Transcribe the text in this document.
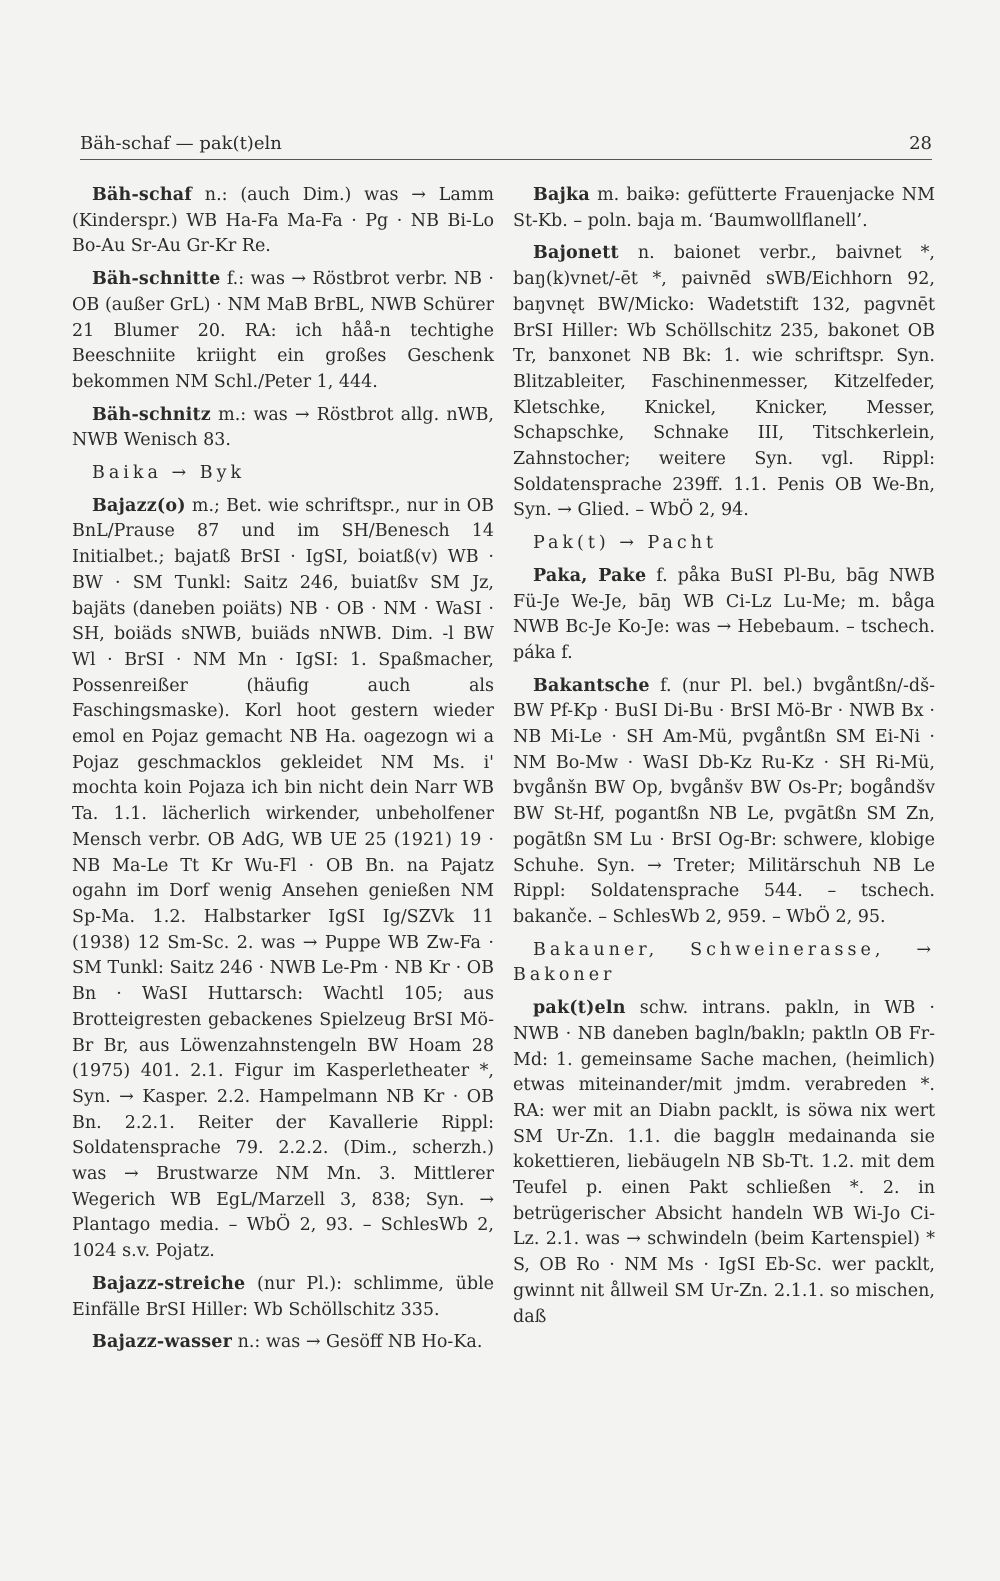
Bäh-schaf — pak(t)eln	28

Bäh-schaf n.: (auch Dim.) was → Lamm (Kinderspr.) WB Ha-Fa Ma-Fa · Pg · NB Bi-Lo Bo-Au Sr-Au Gr-Kr Re.

Bäh-schnitte f.: was → Röstbrot verbr. NB · OB (außer GrL) · NM MaB BrBL, NWB Schürer 21 Blumer 20. RA: ich håå-n techtighe Beeschniite kriight ein großes Geschenk bekommen NM Schl./Peter 1, 444.

Bäh-schnitz m.: was → Röstbrot allg. nWB, NWB Wenisch 83.

Baika → Byk

Bajazz(o) m.; Bet. wie schriftspr., nur in OB BnL/Prause 87 und im SH/Benesch 14 Initialbet.; bajatß BrSI · IgSI, boiatß(v) WB · BW · SM Tunkl: Saitz 246, buiatßv SM Jz, bajäts (daneben poiäts) NB · OB · NM · WaSI · SH, boiäds sNWB, buiäds nNWB. Dim. -l BW Wl · BrSI · NM Mn · IgSI: 1. Spaßmacher, Possenreißer (häufig auch als Faschingsmaske). Korl hoot gestern wieder emol en Pojaz gemacht NB Ha. oagezogn wi a Pojaz geschmacklos gekleidet NM Ms. i' mochta koin Pojaza ich bin nicht dein Narr WB Ta. 1.1. lächerlich wirkender, unbeholfener Mensch verbr. OB AdG, WB UE 25 (1921) 19 · NB Ma-Le Tt Kr Wu-Fl · OB Bn. na Pajatz ogahn im Dorf wenig Ansehen genießen NM Sp-Ma. 1.2. Halbstarker IgSI Ig/SZVk 11 (1938) 12 Sm-Sc. 2. was → Puppe WB Zw-Fa · SM Tunkl: Saitz 246 · NWB Le-Pm · NB Kr · OB Bn · WaSI Huttarsch: Wachtl 105; aus Brotteigresten gebackenes Spielzeug BrSI Mö-Br Br, aus Löwenzahnstengeln BW Hoam 28 (1975) 401. 2.1. Figur im Kasperletheater *, Syn. → Kasper. 2.2. Hampelmann NB Kr · OB Bn. 2.2.1. Reiter der Kavallerie Rippl: Soldatensprache 79. 2.2.2. (Dim., scherzh.) was → Brustwarze NM Mn. 3. Mittlerer Wegerich WB EgL/Marzell 3, 838; Syn. → Plantago media. – WbÖ 2, 93. – SchlesWb 2, 1024 s.v. Pojatz.

Bajazz-streiche (nur Pl.): schlimme, üble Einfälle BrSI Hiller: Wb Schöllschitz 335.

Bajazz-wasser n.: was → Gesöff NB Ho-Ka.

Bajka m. baikə: gefütterte Frauenjacke NM St-Kb. – poln. baja m. ‘Baumwollflanell’.

Bajonett n. baionet verbr., baivnet *, baŋ(k)vnet/-ēt *, paivnēd sWB/Eichhorn 92, baŋvnęt BW/Micko: Wadetstift 132, pagvnēt BrSI Hiller: Wb Schöllschitz 235, bakonet OB Tr, banxonet NB Bk: 1. wie schriftspr. Syn. Blitzableiter, Faschinenmesser, Kitzelfeder, Kletschke, Knickel, Knicker, Messer, Schapschke, Schnake III, Titschkerlein, Zahnstocher; weitere Syn. vgl. Rippl: Soldatensprache 239ff. 1.1. Penis OB We-Bn, Syn. → Glied. – WbÖ 2, 94.

Pak(t) → Pacht

Paka, Pake f. påka BuSI Pl-Bu, bāg NWB Fü-Je We-Je, bāŋ WB Ci-Lz Lu-Me; m. båga NWB Bc-Je Ko-Je: was → Hebebaum. – tschech. páka f.

Bakantsche f. (nur Pl. bel.) bvgåntßn/-dš- BW Pf-Kp · BuSI Di-Bu · BrSI Mö-Br · NWB Bx · NB Mi-Le · SH Am-Mü, pvgåntßn SM Ei-Ni · NM Bo-Mw · WaSI Db-Kz Ru-Kz · SH Ri-Mü, bvgånšn BW Op, bvgånšv BW Os-Pr; bogåndšv BW St-Hf, pogantßn NB Le, pvgātßn SM Zn, pogātßn SM Lu · BrSI Og-Br: schwere, klobige Schuhe. Syn. → Treter; Militärschuh NB Le Rippl: Soldatensprache 544. – tschech. bakanče. – SchlesWb 2, 959. – WbÖ 2, 95.

Bakauner, Schweinerasse, → Bakoner

pak(t)eln schw. intrans. pakln, in WB · NWB · NB daneben bagln/bakln; paktln OB Fr-Md: 1. gemeinsame Sache machen, (heimlich) etwas miteinander/mit jmdm. verabreden *. RA: wer mit an Diabn packlt, is söwa nix wert SM Ur-Zn. 1.1. die bagglн medainanda sie kokettieren, liebäugeln NB Sb-Tt. 1.2. mit dem Teufel p. einen Pakt schließen *. 2. in betrügerischer Absicht handeln WB Wi-Jo Ci-Lz. 2.1. was → schwindeln (beim Kartenspiel) * S, OB Ro · NM Ms · IgSI Eb-Sc. wer packlt, gwinnt nit ållweil SM Ur-Zn. 2.1.1. so mischen, daß
